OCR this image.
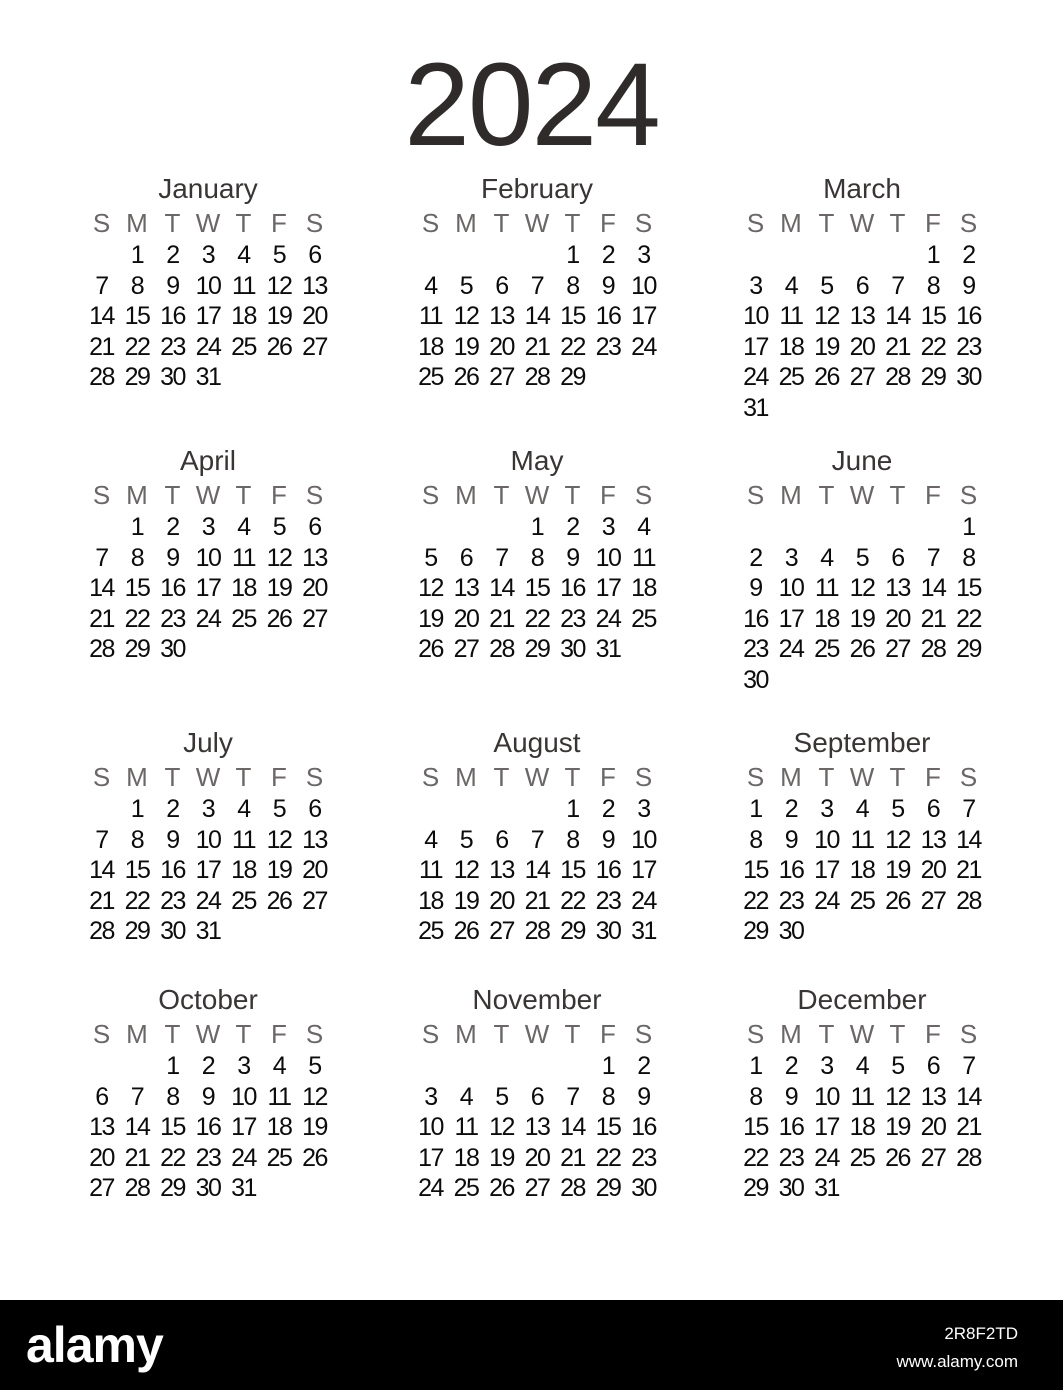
2024
January
S M T W T F S
1 2 3 4 5 6
7 8 9 10 11 12 13
14 15 16 17 18 19 20
21 22 23 24 25 26 27
28 29 30 31
February
S M T W T F S
1 2 3
4 5 6 7 8 9 10
11 12 13 14 15 16 17
18 19 20 21 22 23 24
25 26 27 28 29
March
S M T W T F S
1 2
3 4 5 6 7 8 9
10 11 12 13 14 15 16
17 18 19 20 21 22 23
24 25 26 27 28 29 30
31
April
S M T W T F S
1 2 3 4 5 6
7 8 9 10 11 12 13
14 15 16 17 18 19 20
21 22 23 24 25 26 27
28 29 30
May
S M T W T F S
1 2 3 4
5 6 7 8 9 10 11
12 13 14 15 16 17 18
19 20 21 22 23 24 25
26 27 28 29 30 31
June
S M T W T F S
1
2 3 4 5 6 7 8
9 10 11 12 13 14 15
16 17 18 19 20 21 22
23 24 25 26 27 28 29
30
July
S M T W T F S
1 2 3 4 5 6
7 8 9 10 11 12 13
14 15 16 17 18 19 20
21 22 23 24 25 26 27
28 29 30 31
August
S M T W T F S
1 2 3
4 5 6 7 8 9 10
11 12 13 14 15 16 17
18 19 20 21 22 23 24
25 26 27 28 29 30 31
September
S M T W T F S
1 2 3 4 5 6 7
8 9 10 11 12 13 14
15 16 17 18 19 20 21
22 23 24 25 26 27 28
29 30
October
S M T W T F S
1 2 3 4 5
6 7 8 9 10 11 12
13 14 15 16 17 18 19
20 21 22 23 24 25 26
27 28 29 30 31
November
S M T W T F S
1 2
3 4 5 6 7 8 9
10 11 12 13 14 15 16
17 18 19 20 21 22 23
24 25 26 27 28 29 30
December
S M T W T F S
1 2 3 4 5 6 7
8 9 10 11 12 13 14
15 16 17 18 19 20 21
22 23 24 25 26 27 28
29 30 31
alamy	2R8F2TD
www.alamy.com
